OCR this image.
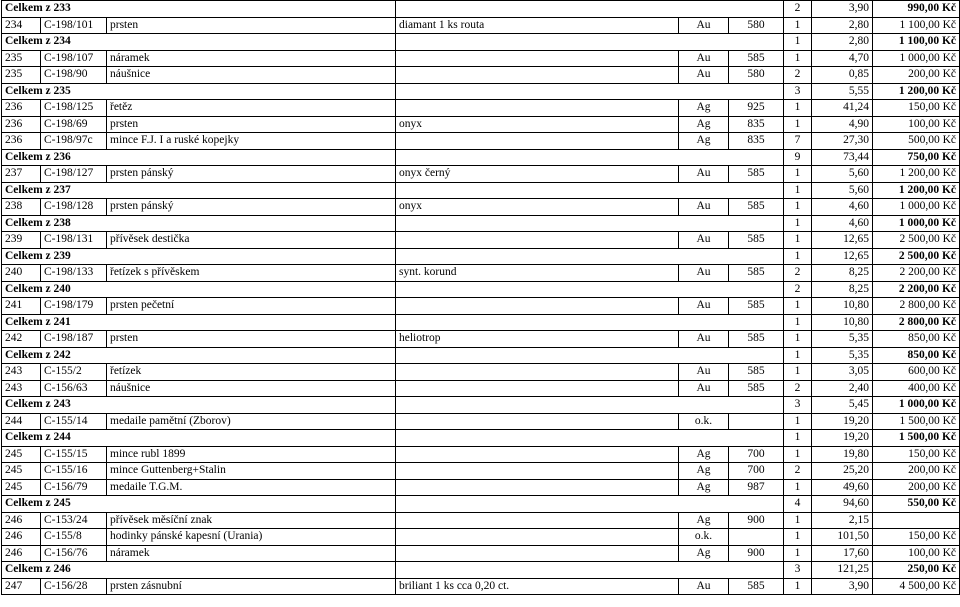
Celkem z 233						2	3,90	990,00 Kč
234	C-198/101	prsten	diamant 1 ks routa	Au	580	1	2,80	1 100,00 Kč
Celkem z 234						1	2,80	1 100,00 Kč
235	C-198/107	náramek		Au	585	1	4,70	1 000,00 Kč
235	C-198/90	náušnice		Au	580	2	0,85	200,00 Kč
Celkem z 235						3	5,55	1 200,00 Kč
236	C-198/125	řetěz		Ag	925	1	41,24	150,00 Kč
236	C-198/69	prsten	onyx	Ag	835	1	4,90	100,00 Kč
236	C-198/97c	mince F.J. I a ruské kopejky		Ag	835	7	27,30	500,00 Kč
Celkem z 236						9	73,44	750,00 Kč
237	C-198/127	prsten pánský	onyx černý	Au	585	1	5,60	1 200,00 Kč
Celkem z 237						1	5,60	1 200,00 Kč
238	C-198/128	prsten pánský	onyx	Au	585	1	4,60	1 000,00 Kč
Celkem z 238						1	4,60	1 000,00 Kč
239	C-198/131	přívěsek destička		Au	585	1	12,65	2 500,00 Kč
Celkem z 239						1	12,65	2 500,00 Kč
240	C-198/133	řetízek s přívěskem	synt. korund	Au	585	2	8,25	2 200,00 Kč
Celkem z 240						2	8,25	2 200,00 Kč
241	C-198/179	prsten pečetní		Au	585	1	10,80	2 800,00 Kč
Celkem z 241						1	10,80	2 800,00 Kč
242	C-198/187	prsten	heliotrop	Au	585	1	5,35	850,00 Kč
Celkem z 242						1	5,35	850,00 Kč
243	C-155/2	řetízek		Au	585	1	3,05	600,00 Kč
243	C-156/63	náušnice		Au	585	2	2,40	400,00 Kč
Celkem z 243						3	5,45	1 000,00 Kč
244	C-155/14	medaile pamětní (Zborov)		o.k.		1	19,20	1 500,00 Kč
Celkem z 244						1	19,20	1 500,00 Kč
245	C-155/15	mince rubl 1899		Ag	700	1	19,80	150,00 Kč
245	C-155/16	mince Guttenberg+Stalin		Ag	700	2	25,20	200,00 Kč
245	C-156/79	medaile T.G.M.		Ag	987	1	49,60	200,00 Kč
Celkem z 245						4	94,60	550,00 Kč
246	C-153/24	přívěsek měsíční znak		Ag	900	1	2,15	
246	C-155/8	hodinky pánské kapesní (Urania)		o.k.		1	101,50	150,00 Kč
246	C-156/76	náramek		Ag	900	1	17,60	100,00 Kč
Celkem z 246						3	121,25	250,00 Kč
247	C-156/28	prsten zásnubní	briliant 1 ks cca 0,20 ct.	Au	585	1	3,90	4 500,00 Kč
